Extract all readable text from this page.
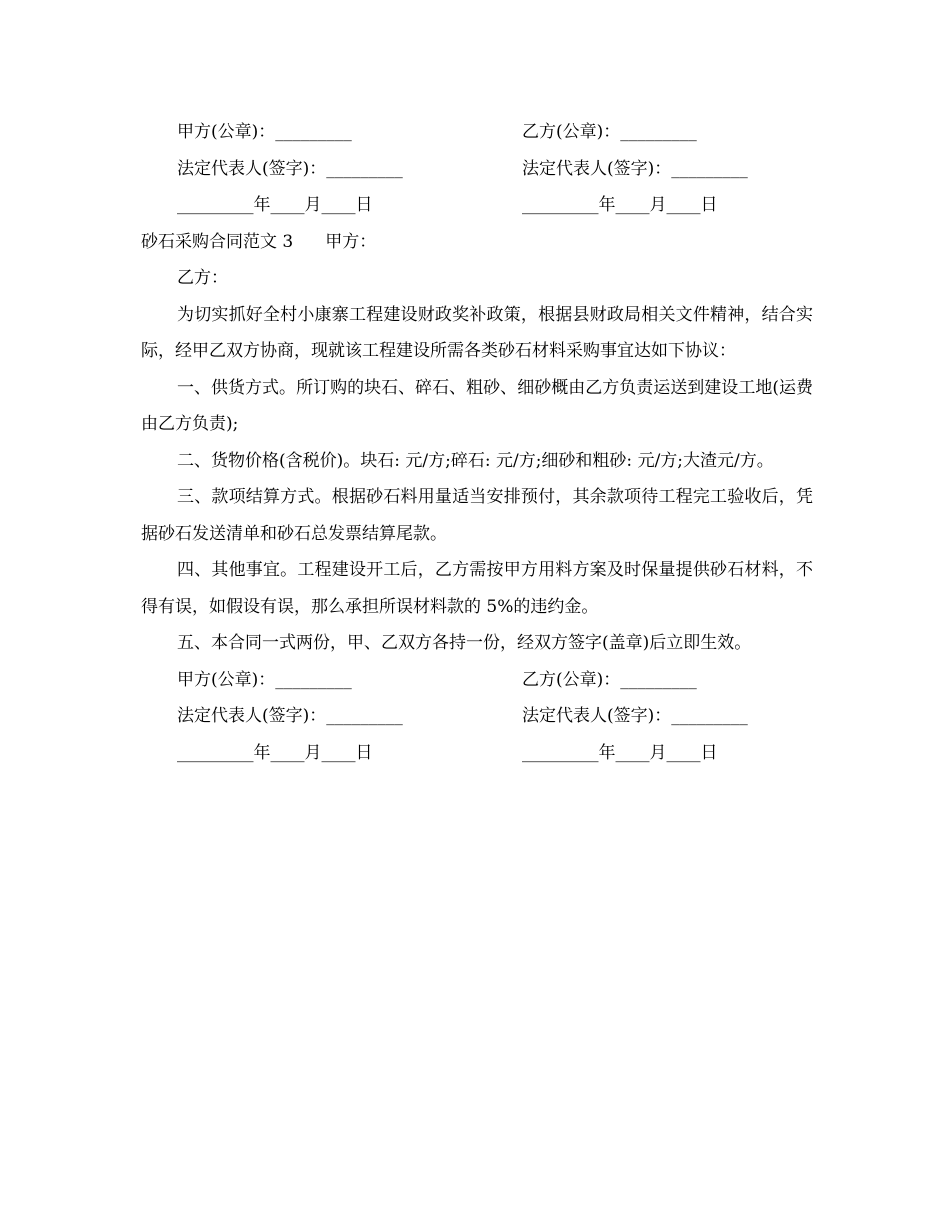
甲方(公章)：_________	乙方(公章)：_________
法定代表人(签字)：_________	法定代表人(签字)：_________
_________年____月____日	_________年____月____日
砂石采购合同范文 3 甲方：
乙方：
为切实抓好全村小康寨工程建设财政奖补政策，根据县财政局相关文件精神，结合实际，经甲乙双方协商，现就该工程建设所需各类砂石材料采购事宜达如下协议：
一、供货方式。所订购的块石、碎石、粗砂、细砂概由乙方负责运送到建设工地(运费由乙方负责);
二、货物价格(含税价)。块石: 元/方;碎石: 元/方;细砂和粗砂: 元/方;大渣元/方。
三、款项结算方式。根据砂石料用量适当安排预付，其余款项待工程完工验收后，凭据砂石发送清单和砂石总发票结算尾款。
四、其他事宜。工程建设开工后，乙方需按甲方用料方案及时保量提供砂石材料，不得有误，如假设有误，那么承担所误材料款的 5%的违约金。
五、本合同一式两份，甲、乙双方各持一份，经双方签字(盖章)后立即生效。
甲方(公章)：_________	乙方(公章)：_________
法定代表人(签字)：_________	法定代表人(签字)：_________
_________年____月____日	_________年____月____日
